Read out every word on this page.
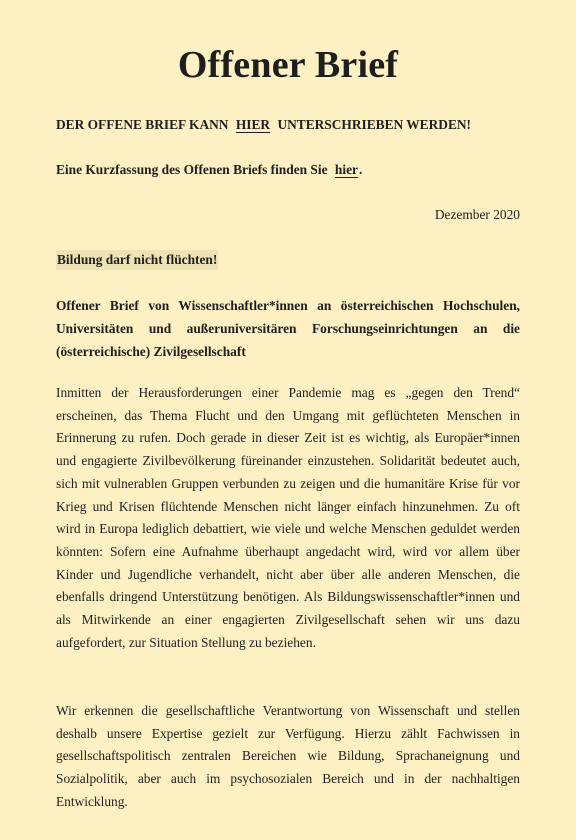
Offener Brief
DER OFFENE BRIEF KANN HIER UNTERSCHRIEBEN WERDEN!
Eine Kurzfassung des Offenen Briefs finden Sie hier.
Dezember 2020
Bildung darf nicht flüchten!
Offener Brief von Wissenschaftler*innen an österreichischen Hochschulen, Universitäten und außeruniversitären Forschungseinrichtungen an die (österreichische) Zivilgesellschaft

Inmitten der Herausforderungen einer Pandemie mag es „gegen den Trend“ erscheinen, das Thema Flucht und den Umgang mit geflüchteten Menschen in Erinnerung zu rufen. Doch gerade in dieser Zeit ist es wichtig, als Europäer*innen und engagierte Zivilbevölkerung füreinander einzustehen. Solidarität bedeutet auch, sich mit vulnerablen Gruppen verbunden zu zeigen und die humanitäre Krise für vor Krieg und Krisen flüchtende Menschen nicht länger einfach hinzunehmen. Zu oft wird in Europa lediglich debattiert, wie viele und welche Menschen geduldet werden könnten: Sofern eine Aufnahme überhaupt angedacht wird, wird vor allem über Kinder und Jugendliche verhandelt, nicht aber über alle anderen Menschen, die ebenfalls dringend Unterstützung benötigen. Als Bildungswissenschaftler*innen und als Mitwirkende an einer engagierten Zivilgesellschaft sehen wir uns dazu aufgefordert, zur Situation Stellung zu beziehen.

Wir erkennen die gesellschaftliche Verantwortung von Wissenschaft und stellen deshalb unsere Expertise gezielt zur Verfügung. Hierzu zählt Fachwissen in gesellschaftspolitisch zentralen Bereichen wie Bildung, Sprachaneignung und Sozialpolitik, aber auch im psychosozialen Bereich und in der nachhaltigen Entwicklung.
